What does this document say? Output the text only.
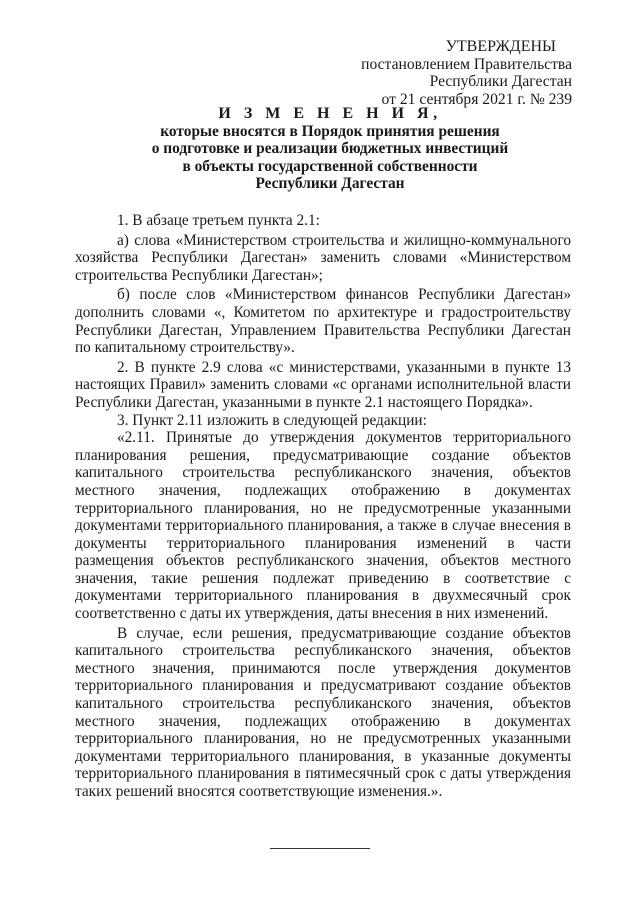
УТВЕРЖДЕНЫ
постановлением Правительства
Республики Дагестан
от 21 сентября 2021 г. № 239
И З М Е Н Е Н И Я,
которые вносятся в Порядок принятия решения
о подготовке и реализации бюджетных инвестиций
в объекты государственной собственности
Республики Дагестан

1. В абзаце третьем пункта 2.1:

а) слова «Министерством строительства и жилищно-коммунального хозяйства Республики Дагестан» заменить словами «Министерством строительства Республики Дагестан»;

б) после слов «Министерством финансов Республики Дагестан» дополнить словами «, Комитетом по архитектуре и градостроительству Республики Дагестан, Управлением Правительства Республики Дагестан по капитальному строительству».

2. В пункте 2.9 слова «с министерствами, указанными в пункте 13 настоящих Правил» заменить словами «с органами исполнительной власти Республики Дагестан, указанными в пункте 2.1 настоящего Порядка».

3. Пункт 2.11 изложить в следующей редакции:

«2.11. Принятые до утверждения документов территориального планирования решения, предусматривающие создание объектов капитального строительства республиканского значения, объектов местного значения, подлежащих отображению в документах территориального планирования, но не предусмотренные указанными документами территориального планирования, а также в случае внесения в документы территориального планирования изменений в части размещения объектов республиканского значения, объектов местного значения, такие решения подлежат приведению в соответствие с документами территориального планирования в двухмесячный срок соответственно с даты их утверждения, даты внесения в них изменений.

В случае, если решения, предусматривающие создание объектов капитального строительства республиканского значения, объектов местного значения, принимаются после утверждения документов территориального планирования и предусматривают создание объектов капитального строительства республиканского значения, объектов местного значения, подлежащих отображению в документах территориального планирования, но не предусмотренных указанными документами территориального планирования, в указанные документы территориального планирования в пятимесячный срок с даты утверждения таких решений вносятся соответствующие изменения.».
